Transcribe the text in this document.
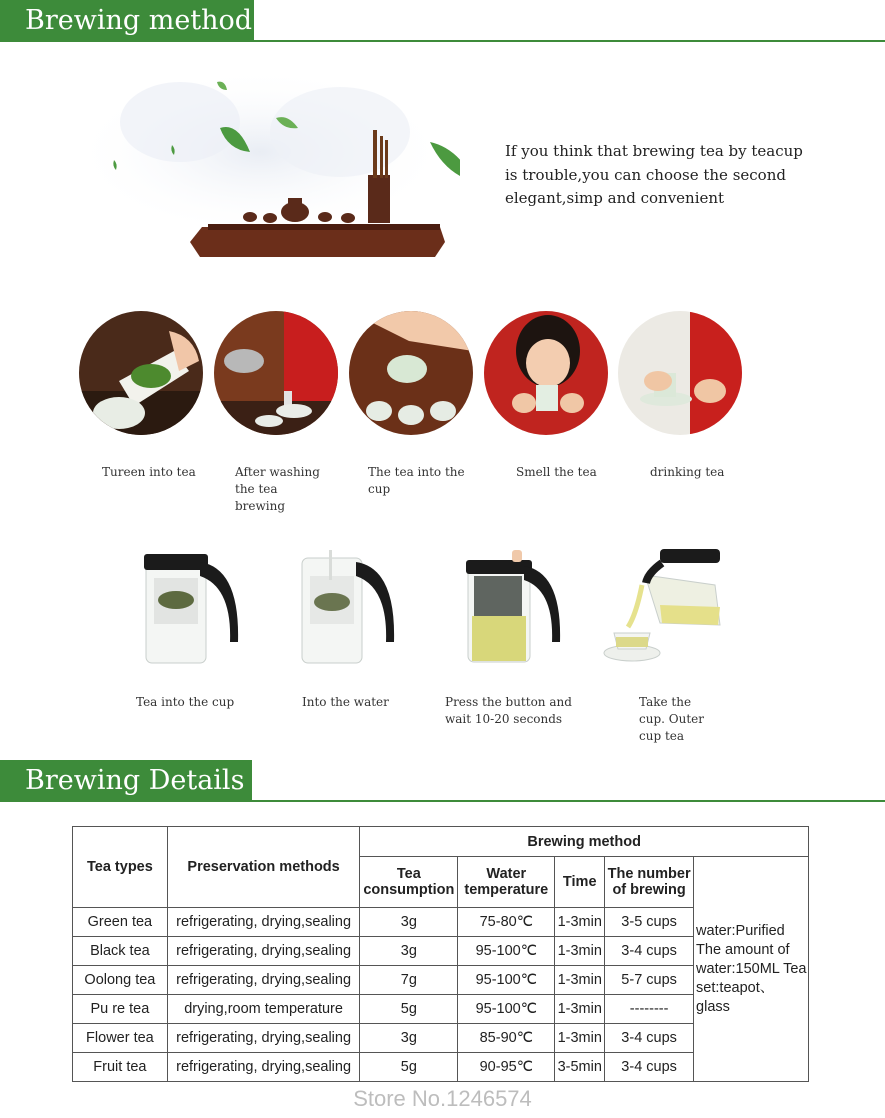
Brewing method
If you think that brewing tea by teacup is trouble,you can choose the second elegant,simp and convenient
Tureen into tea	After washing the tea brewing
The tea into the cup
Smell the tea	drinking tea
Tea into the cup	Into the water	Press the button and wait 10-20 seconds
Take the cup. Outer cup tea
Brewing Details
Tea types	Preservation methods	Brewing method				
		Tea consumption	Water temperature	Time	The number of brewing	water:Purified The amount of water:150ML Tea set:teapot、glass
Green tea	refrigerating, drying,sealing	3g	75-80℃	1-3min	3-5 cups	
Black tea	refrigerating, drying,sealing	3g	95-100℃	1-3min	3-4 cups	
Oolong tea	refrigerating, drying,sealing	7g	95-100℃	1-3min	5-7 cups	
Pu re tea	drying,room temperature	5g	95-100℃	1-3min	--------	
Flower tea	refrigerating, drying,sealing	3g	85-90℃	1-3min	3-4 cups	
Fruit tea	refrigerating, drying,sealing	5g	90-95℃	3-5min	3-4 cups	
Store No.1246574
